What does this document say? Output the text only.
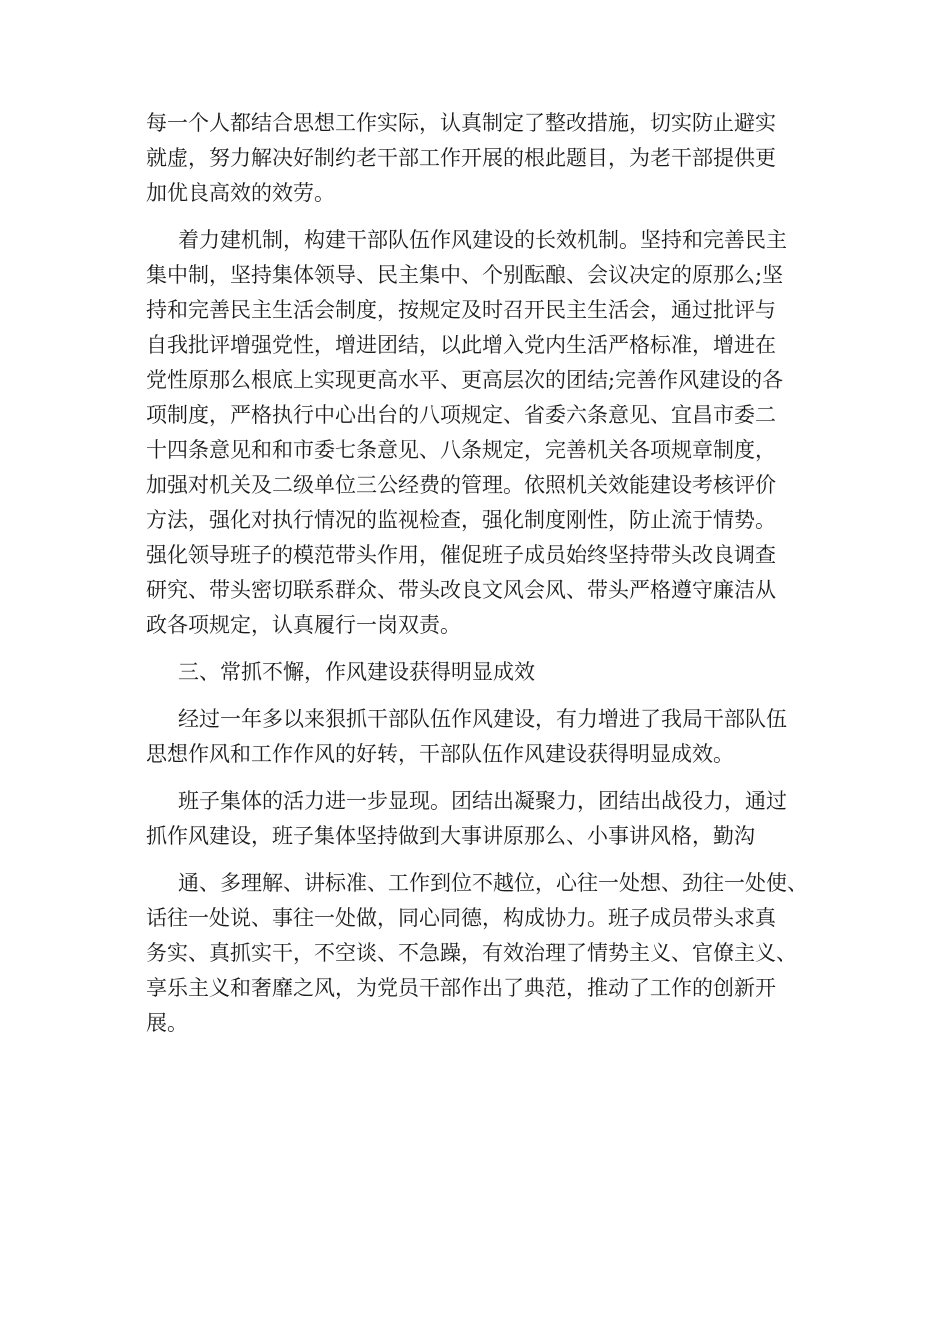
每一个人都结合思想工作实际，认真制定了整改措施，切实防止避实
就虚，努力解决好制约老干部工作开展的根此题目，为老干部提供更
加优良高效的效劳。
着力建机制，构建干部队伍作风建设的长效机制。坚持和完善民主
集中制，坚持集体领导、民主集中、个别酝酿、会议决定的原那么;坚
持和完善民主生活会制度，按规定及时召开民主生活会，通过批评与
自我批评增强党性，增进团结，以此增入党内生活严格标准，增进在
党性原那么根底上实现更高水平、更高层次的团结;完善作风建设的各
项制度，严格执行中心出台的八项规定、省委六条意见、宜昌市委二
十四条意见和和市委七条意见、八条规定，完善机关各项规章制度，
加强对机关及二级单位三公经费的管理。依照机关效能建设考核评价
方法，强化对执行情况的监视检查，强化制度刚性，防止流于情势。
强化领导班子的模范带头作用，催促班子成员始终坚持带头改良调查
研究、带头密切联系群众、带头改良文风会风、带头严格遵守廉洁从
政各项规定，认真履行一岗双责。
三、常抓不懈，作风建设获得明显成效
经过一年多以来狠抓干部队伍作风建设，有力增进了我局干部队伍
思想作风和工作作风的好转，干部队伍作风建设获得明显成效。
班子集体的活力进一步显现。团结出凝聚力，团结出战役力，通过
抓作风建设，班子集体坚持做到大事讲原那么、小事讲风格，勤沟
通、多理解、讲标准、工作到位不越位，心往一处想、劲往一处使、
话往一处说、事往一处做，同心同德，构成协力。班子成员带头求真
务实、真抓实干，不空谈、不急躁，有效治理了情势主义、官僚主义、
享乐主义和奢靡之风，为党员干部作出了典范，推动了工作的创新开
展。
